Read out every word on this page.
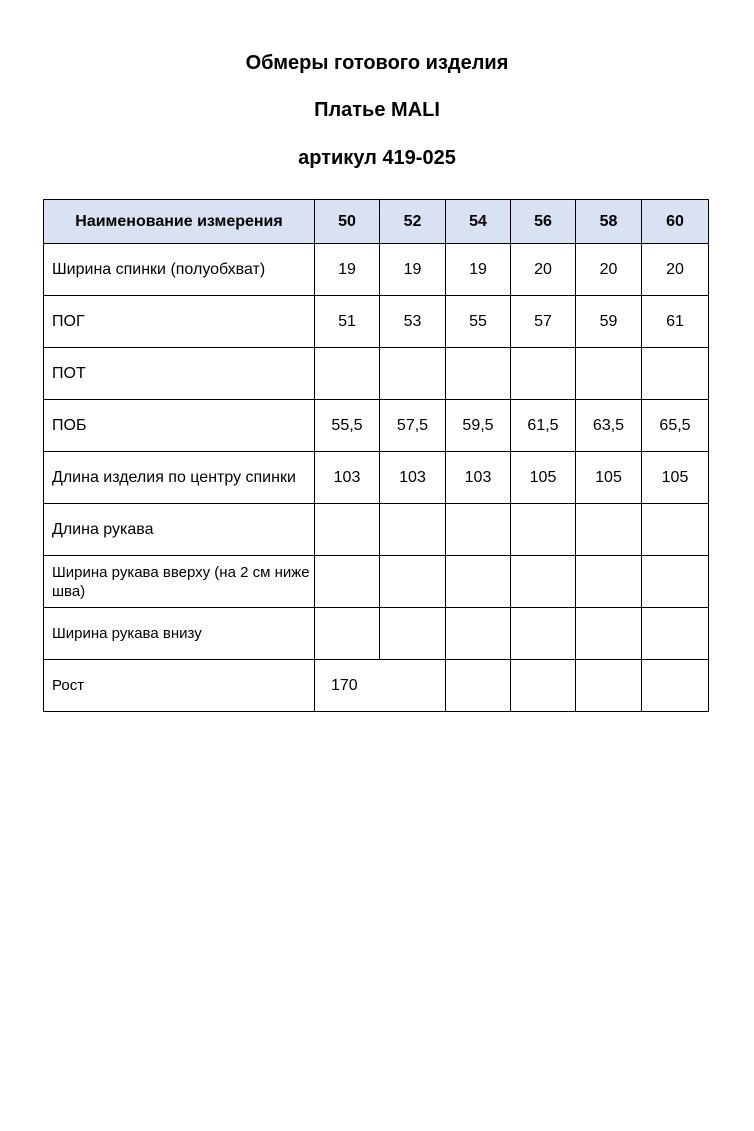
Обмеры готового изделия
Платье MALI
артикул 419-025
Наименование измерения	50	52	54	56	58	60
Ширина спинки (полуобхват)	19	19	19	20	20	20
ПОГ	51	53	55	57	59	61
ПОТ						
ПОБ	55,5	57,5	59,5	61,5	63,5	65,5
Длина изделия по центру спинки	103	103	103	105	105	105
Длина рукава						
Ширина рукава вверху (на 2 см ниже шва)						
Ширина рукава внизу						
Рост	170					
